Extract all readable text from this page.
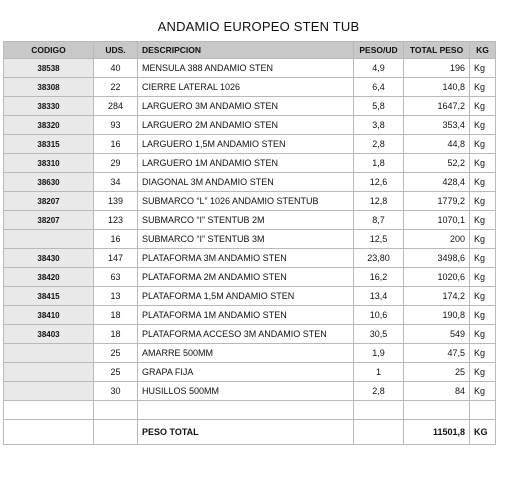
ANDAMIO EUROPEO STEN TUB
CODIGO	UDS.	DESCRIPCION	PESO/UD	TOTAL PESO	KG
38538	40	MENSULA 388 ANDAMIO STEN	4,9	196	Kg
38308	22	CIERRE LATERAL 1026	6,4	140,8	Kg
38330	284	LARGUERO 3M ANDAMIO STEN	5,8	1647,2	Kg
38320	93	LARGUERO 2M ANDAMIO STEN	3,8	353,4	Kg
38315	16	LARGUERO 1,5M ANDAMIO STEN	2,8	44,8	Kg
38310	29	LARGUERO 1M ANDAMIO STEN	1,8	52,2	Kg
38630	34	DIAGONAL 3M ANDAMIO STEN	12,6	428,4	Kg
38207	139	SUBMARCO “L” 1026 ANDAMIO STENTUB	12,8	1779,2	Kg
38207	123	SUBMARCO “I” STENTUB 2M	8,7	1070,1	Kg
	16	SUBMARCO “I” STENTUB 3M	12,5	200	Kg
38430	147	PLATAFORMA 3M ANDAMIO STEN	23,80	3498,6	Kg
38420	63	PLATAFORMA 2M ANDAMIO STEN	16,2	1020,6	Kg
38415	13	PLATAFORMA 1,5M ANDAMIO STEN	13,4	174,2	Kg
38410	18	PLATAFORMA 1M ANDAMIO STEN	10,6	190,8	Kg
38403	18	PLATAFORMA ACCESO 3M ANDAMIO STEN	30,5	549	Kg
	25	AMARRE 500MM	1,9	47,5	Kg
	25	GRAPA FIJA	1	25	Kg
	30	HUSILLOS 500MM	2,8	84	Kg

		PESO TOTAL		11501,8	KG
